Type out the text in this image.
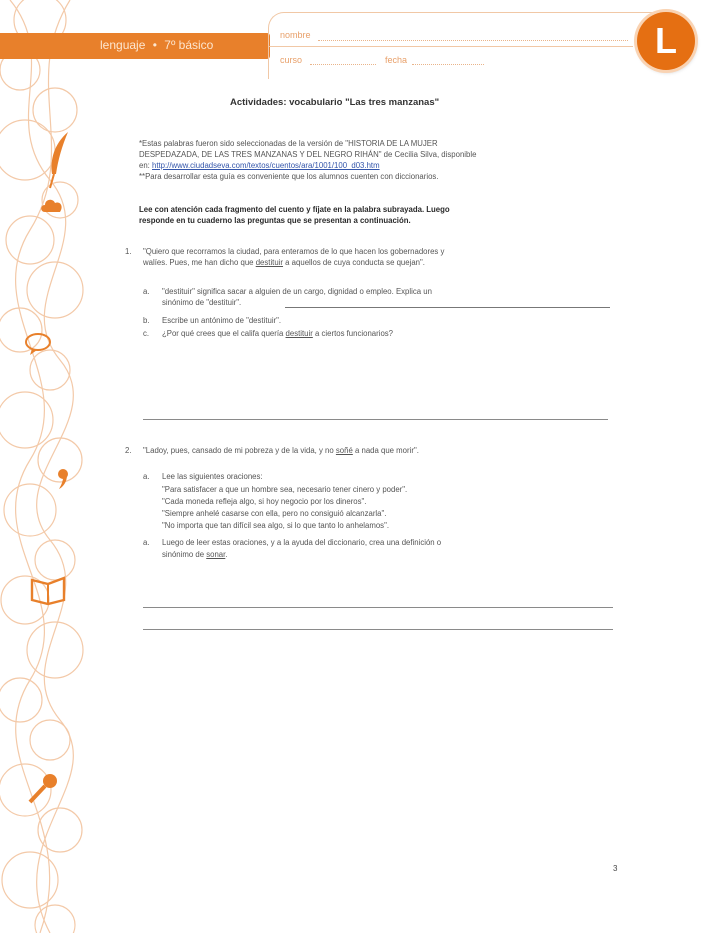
lenguaje • 7º básico
nombre
curso	fecha	L
Actividades: vocabulario "Las tres manzanas"
*Estas palabras fueron sido seleccionadas de la versión de "HISTORIA DE LA MUJER
DESPEDAZADA, DE LAS TRES MANZANAS Y DEL NEGRO RIHÁN" de Cecilia Silva, disponible
en: http://www.ciudadseva.com/textos/cuentos/ara/1001/100_d03.htm
**Para desarrollar esta guía es conveniente que los alumnos cuenten con diccionarios.
Lee con atención cada fragmento del cuento y fíjate en la palabra subrayada. Luego
responde en tu cuaderno las preguntas que se presentan a continuación.
1. "Quiero que recorramos la ciudad, para enteramos de lo que hacen los gobernadores y
walíes. Pues, me han dicho que destituir a aquellos de cuya conducta se quejan".
a. "destituir" significa sacar a alguien de un cargo, dignidad o empleo. Explica un
sinónimo de "destituir".
b. Escribe un antónimo de "destituir".
c. ¿Por qué crees que el califa quería destituir a ciertos funcionarios?
2. "Ladoy, pues, cansado de mi pobreza y de la vida, y no soñé a nada que morir".
a. Lee las siguientes oraciones:
"Para satisfacer a que un hombre sea, necesario tener cinero y poder".
"Cada moneda refleja algo, si hoy negocio por los dineros".
"Siempre anhelé casarse con ella, pero no consiguió alcanzarla".
"No importa que tan difícil sea algo, si lo que tanto lo anhelamos".
a. Luego de leer estas oraciones, y a la ayuda del diccionario, crea una definición o
sinónimo de sonar.
3
